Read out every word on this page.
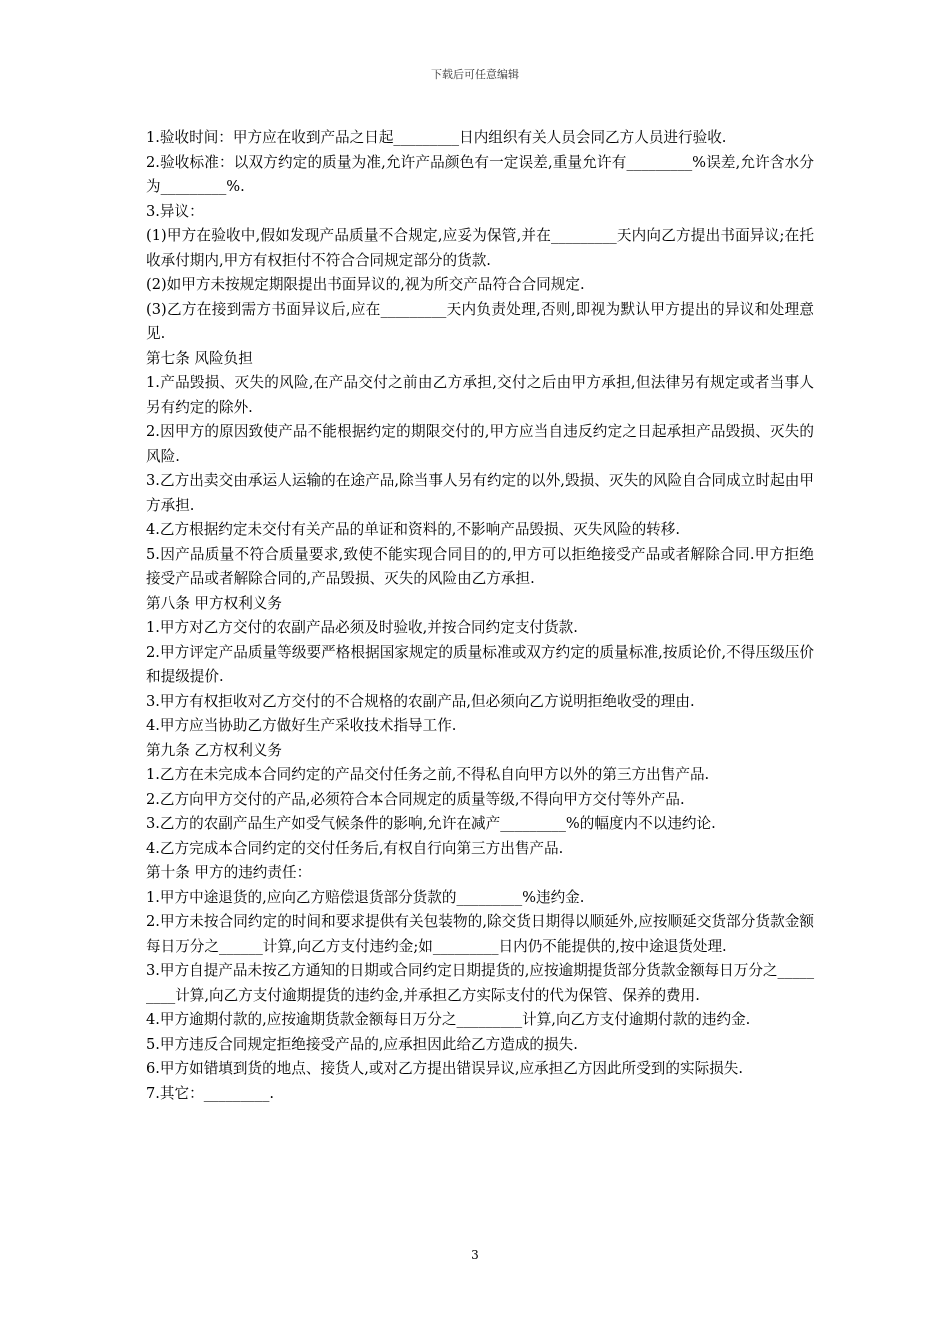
下载后可任意编辑

1.验收时间：甲方应在收到产品之日起_________日内组织有关人员会同乙方人员进行验收.

2.验收标准：以双方约定的质量为准,允许产品颜色有一定误差,重量允许有_________%误差,允许含水分为_________%.

3.异议：

(1)甲方在验收中,假如发现产品质量不合规定,应妥为保管,并在_________天内向乙方提出书面异议;在托收承付期内,甲方有权拒付不符合合同规定部分的货款.

(2)如甲方未按规定期限提出书面异议的,视为所交产品符合合同规定.

(3)乙方在接到需方书面异议后,应在_________天内负责处理,否则,即视为默认甲方提出的异议和处理意见.

第七条 风险负担

1.产品毁损、灭失的风险,在产品交付之前由乙方承担,交付之后由甲方承担,但法律另有规定或者当事人另有约定的除外.

2.因甲方的原因致使产品不能根据约定的期限交付的,甲方应当自违反约定之日起承担产品毁损、灭失的风险.

3.乙方出卖交由承运人运输的在途产品,除当事人另有约定的以外,毁损、灭失的风险自合同成立时起由甲方承担.

4.乙方根据约定未交付有关产品的单证和资料的,不影响产品毁损、灭失风险的转移.

5.因产品质量不符合质量要求,致使不能实现合同目的的,甲方可以拒绝接受产品或者解除合同.甲方拒绝接受产品或者解除合同的,产品毁损、灭失的风险由乙方承担.

第八条 甲方权利义务

1.甲方对乙方交付的农副产品必须及时验收,并按合同约定支付货款.

2.甲方评定产品质量等级要严格根据国家规定的质量标准或双方约定的质量标准,按质论价,不得压级压价和提级提价.

3.甲方有权拒收对乙方交付的不合规格的农副产品,但必须向乙方说明拒绝收受的理由.

4.甲方应当协助乙方做好生产采收技术指导工作.

第九条 乙方权利义务

1.乙方在未完成本合同约定的产品交付任务之前,不得私自向甲方以外的第三方出售产品.

2.乙方向甲方交付的产品,必须符合本合同规定的质量等级,不得向甲方交付等外产品.

3.乙方的农副产品生产如受气候条件的影响,允许在减产_________%的幅度内不以违约论.

4.乙方完成本合同约定的交付任务后,有权自行向第三方出售产品.

第十条 甲方的违约责任：

1.甲方中途退货的,应向乙方赔偿退货部分货款的_________%违约金.

2.甲方未按合同约定的时间和要求提供有关包装物的,除交货日期得以顺延外,应按顺延交货部分货款金额每日万分之______计算,向乙方支付违约金;如_________日内仍不能提供的,按中途退货处理.

3.甲方自提产品未按乙方通知的日期或合同约定日期提货的,应按逾期提货部分货款金额每日万分之_________计算,向乙方支付逾期提货的违约金,并承担乙方实际支付的代为保管、保养的费用.

4.甲方逾期付款的,应按逾期货款金额每日万分之_________计算,向乙方支付逾期付款的违约金.

5.甲方违反合同规定拒绝接受产品的,应承担因此给乙方造成的损失.

6.甲方如错填到货的地点、接货人,或对乙方提出错误异议,应承担乙方因此所受到的实际损失.

7.其它：_________.

3
